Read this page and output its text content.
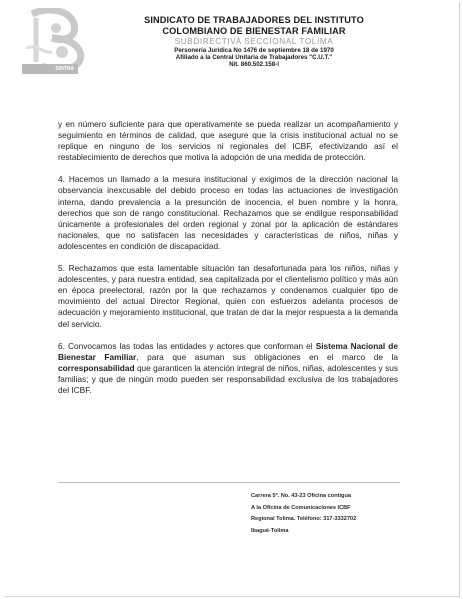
SINTRA
SINDICATO DE TRABAJADORES DEL INSTITUTO
COLOMBIANO DE BIENESTAR FAMILIAR
SUBDIRECTIVA SECCIONAL TOLIMA
Personería Jurídica No 1476 de septiembre 18 de 1970
Afiliado a la Central Unitaria de Trabajadores "C.U.T."
Nit. 860.502.158-l

y en número suficiente para que operativamente se pueda realizar un acompañamiento y seguimiento en términos de calidad, que asegure que la crisis institucional actual no se replique en ninguno de los servicios ni regionales del ICBF, efectivizando así el restablecimiento de derechos que motiva la adopción de una medida de protección.

4. Hacemos un llamado a la mesura institucional y exigimos de la dirección nacional la observancia inexcusable del debido proceso en todas las actuaciones de investigación interna, dando prevalencia a la presunción de inocencia, el buen nombre y la honra, derechos que son de rango constitucional. Rechazamos que se endilgue responsabilidad únicamente a profesionales del orden regional y zonal por la aplicación de estándares nacionales, que no satisfacen las necesidades y características de niños, niñas y adolescentes en condición de discapacidad.

5. Rechazamos que esta lamentable situación tan desafortunada para los niños, niñas y adolescentes, y para nuestra entidad, sea capitalizada por el clientelismo político y más aún en época preelectoral, razón por la que rechazamos y condenamos cualquier tipo de movimiento del actual Director Regional, quien con esfuerzos adelanta procesos de adecuación y mejoramiento institucional, que tratan de dar la mejor respuesta a la demanda del servicio.

6. Convocamos las todas las entidades y actores que conforman el Sistema Nacional de Bienestar Familiar, para que asuman sus obligaciones en el marco de la corresponsabilidad que garanticen la atención integral de niños, niñas, adolescentes y sus familias; y que de ningún modo pueden ser responsabilidad exclusiva de los trabajadores del ICBF.

Carrera 5ª. No. 43-23 Oficina contigua
A la Oficina de Comunicaciones ICBF
Regional Tolima. Teléfono: 317-3332702
Ibagué-Tolima
